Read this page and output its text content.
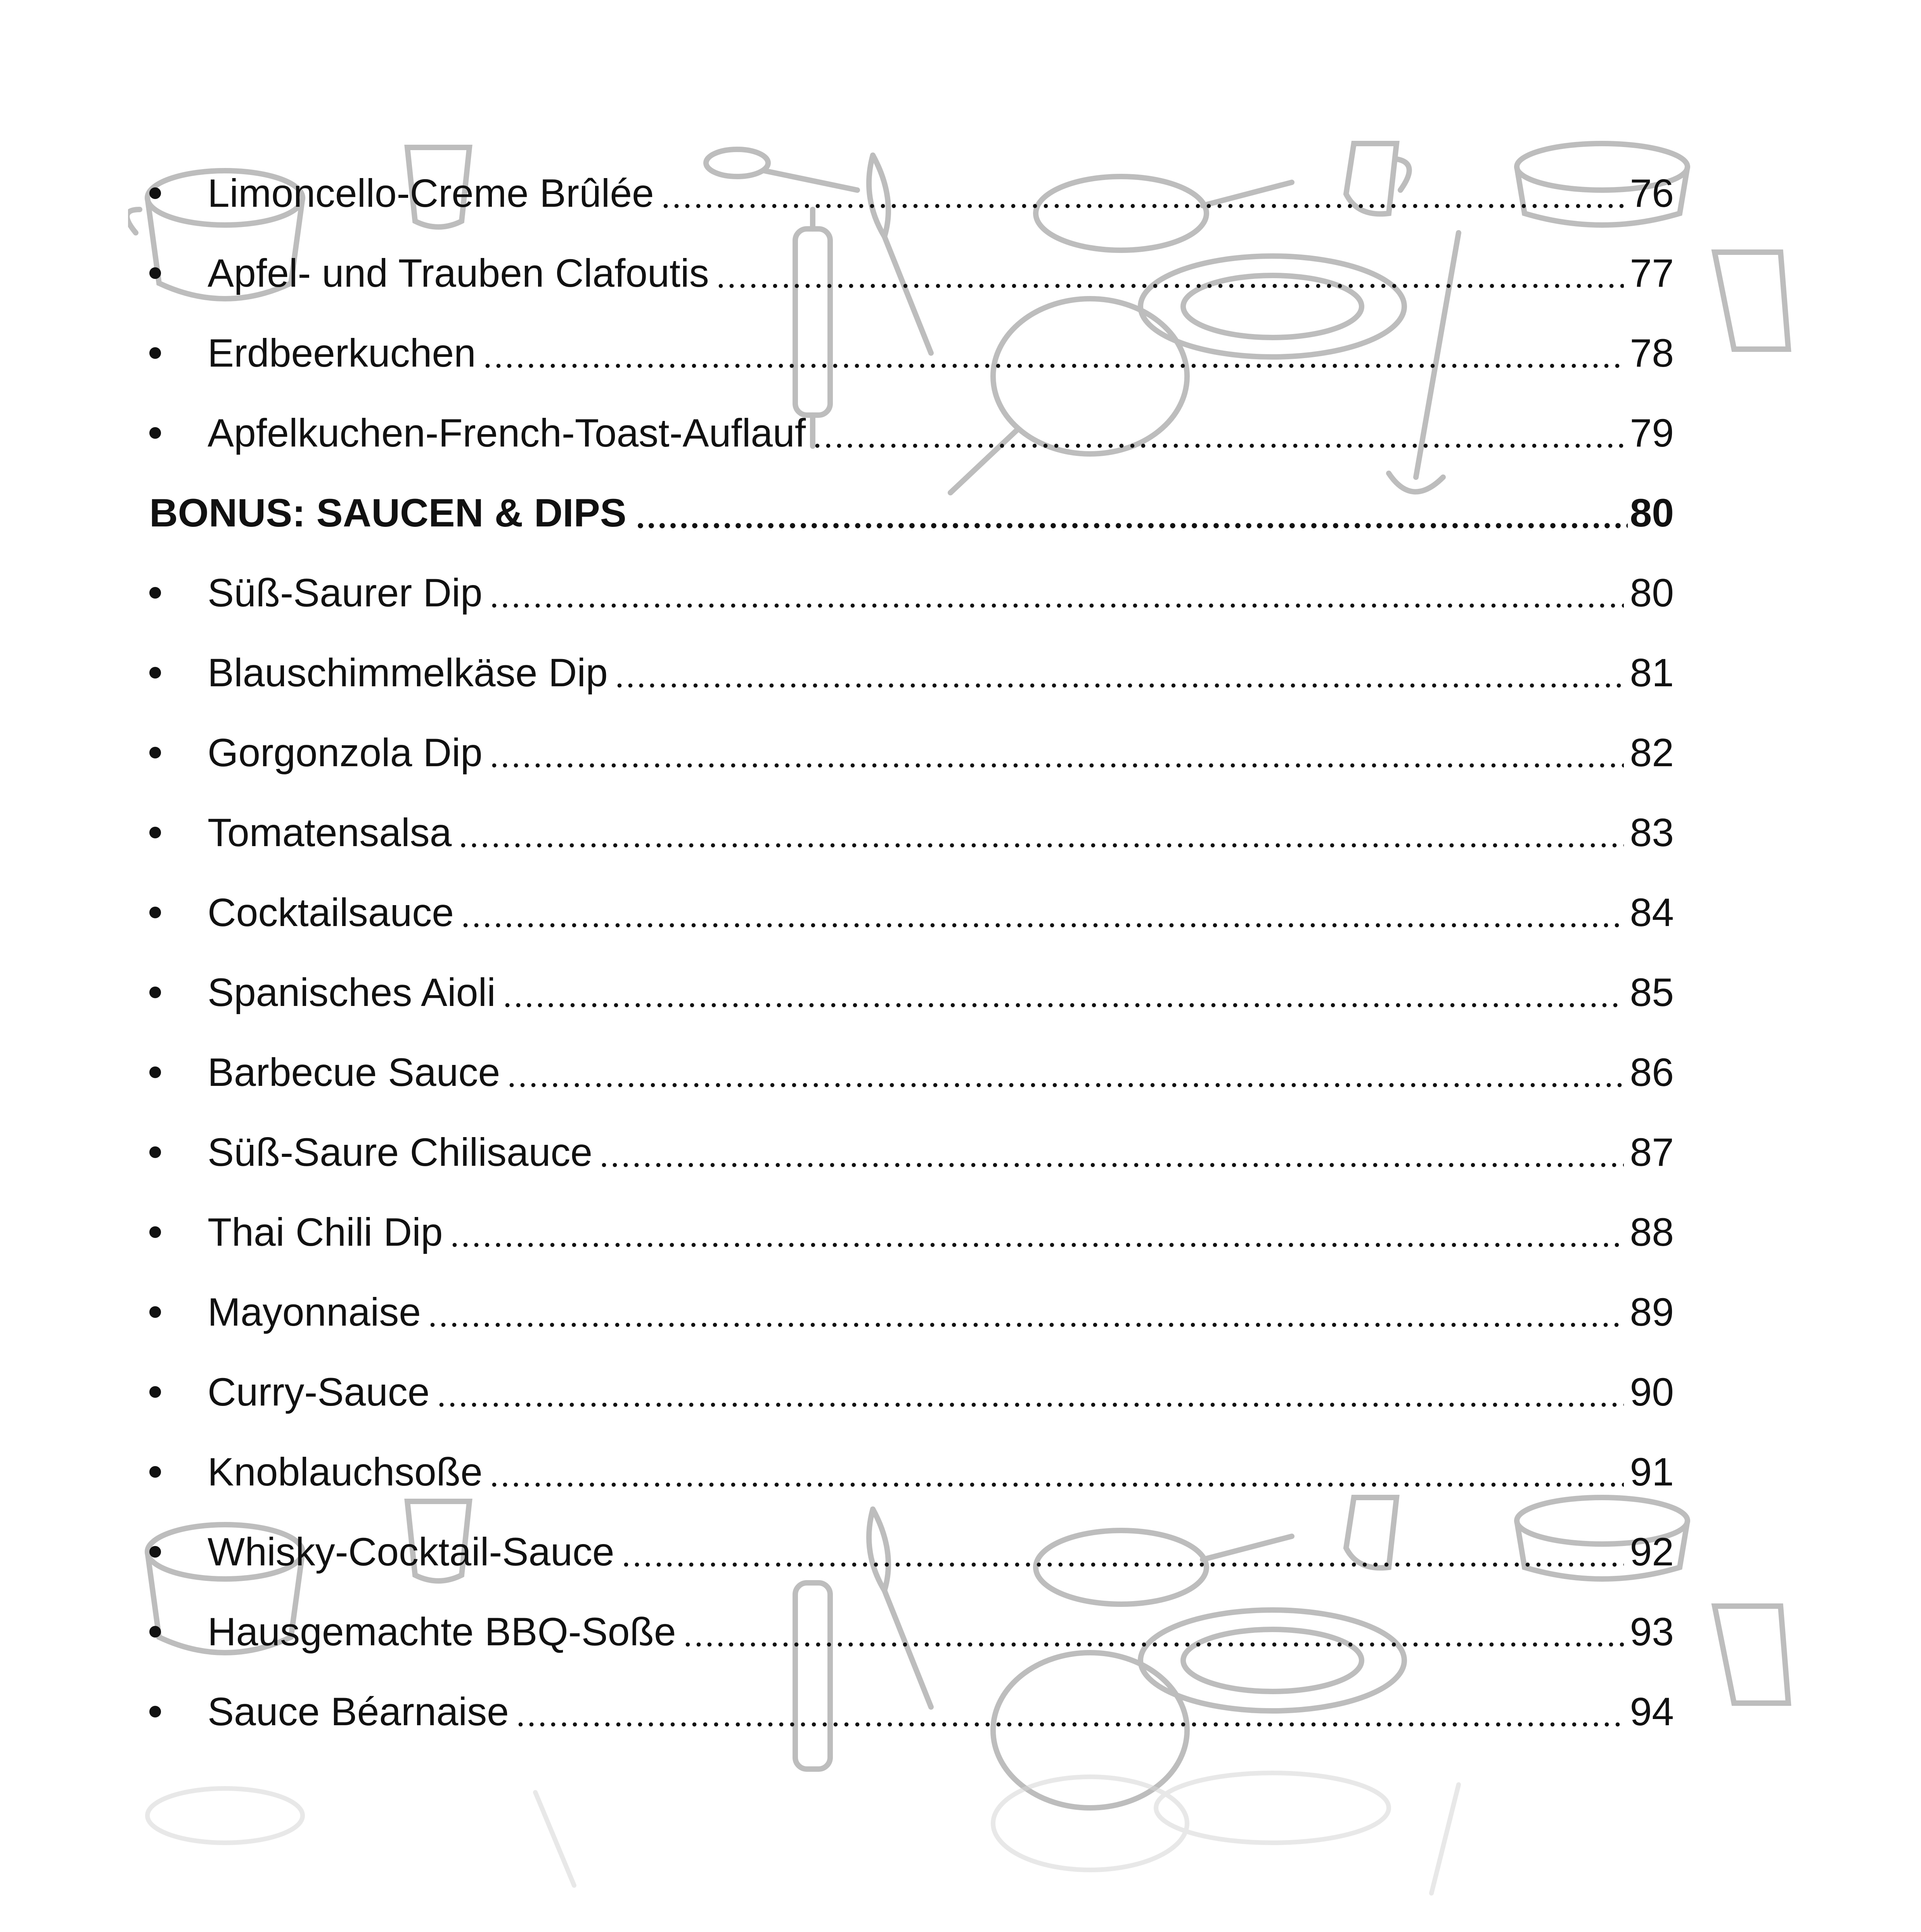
Limoncello-Creme Brûlée	76
Apfel- und Trauben Clafoutis	77
Erdbeerkuchen	78
Apfelkuchen-French-Toast-Auflauf	79
BONUS: SAUCEN & DIPS	80
Süß-Saurer Dip	80
Blauschimmelkäse Dip	81
Gorgonzola Dip	82
Tomatensalsa	83
Cocktailsauce	84
Spanisches Aioli	85
Barbecue Sauce	86
Süß-Saure Chilisauce	87
Thai Chili Dip	88
Mayonnaise	89
Curry-Sauce	90
Knoblauchsoße	91
Whisky-Cocktail-Sauce	92
Hausgemachte BBQ-Soße	93
Sauce Béarnaise	94
